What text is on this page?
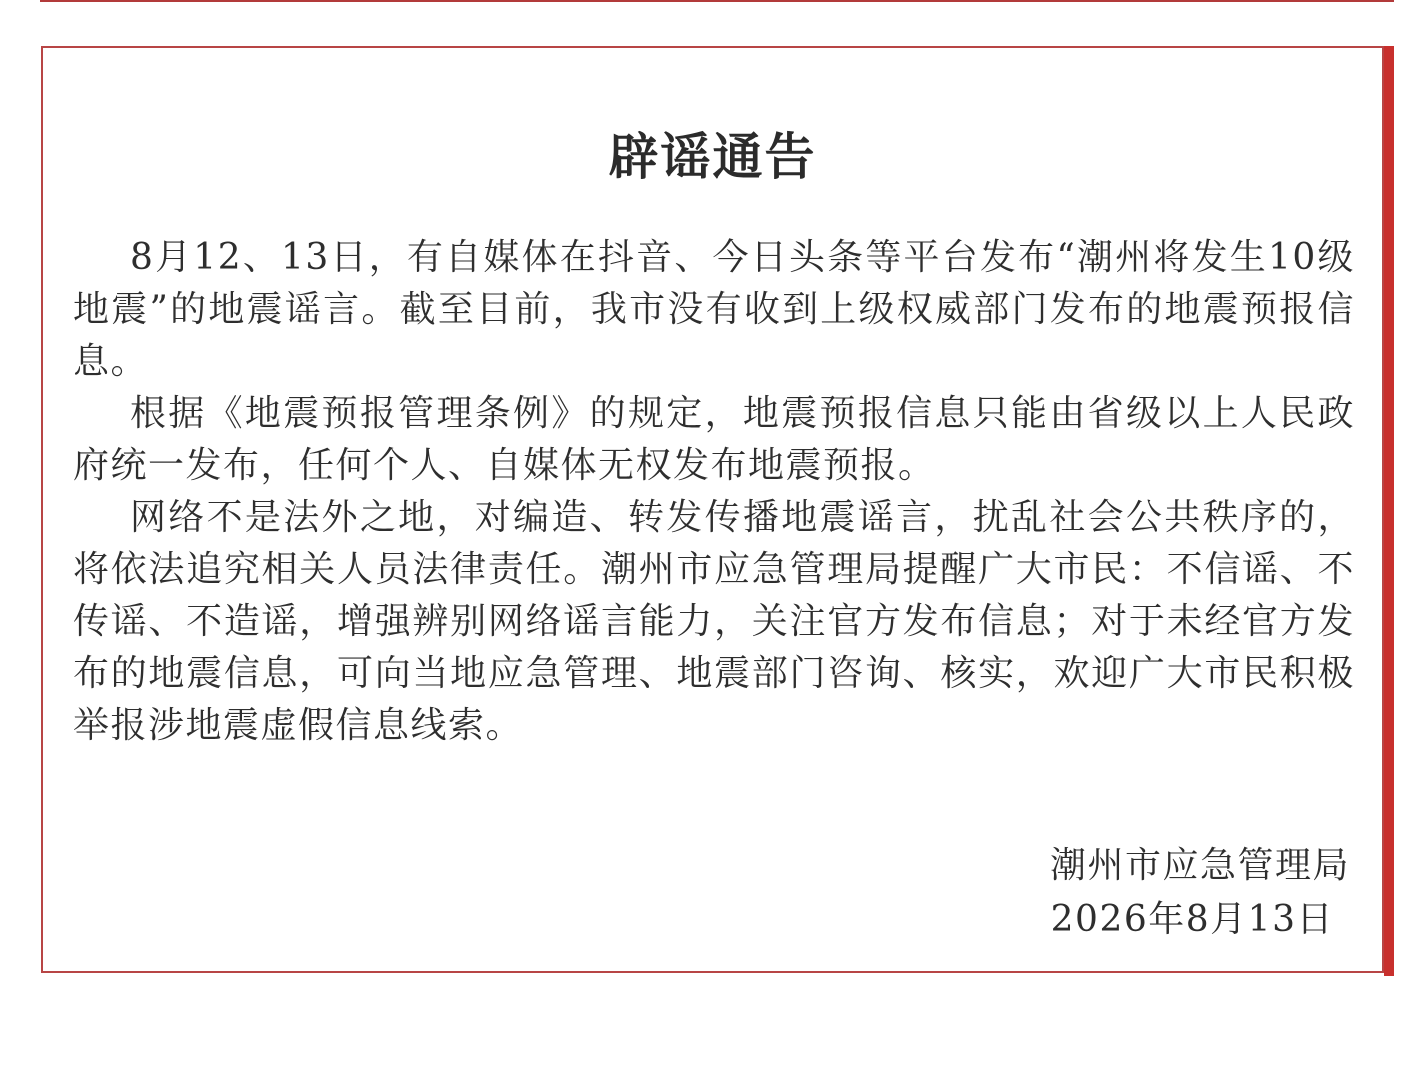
辟谣通告

8月12、13日，有自媒体在抖音、今日头条等平台发布“潮州将发生10级地震”的地震谣言。截至目前，我市没有收到上级权威部门发布的地震预报信息。

根据《地震预报管理条例》的规定，地震预报信息只能由省级以上人民政府统一发布，任何个人、自媒体无权发布地震预报。

网络不是法外之地，对编造、转发传播地震谣言，扰乱社会公共秩序的，将依法追究相关人员法律责任。潮州市应急管理局提醒广大市民：不信谣、不传谣、不造谣，增强辨别网络谣言能力，关注官方发布信息；对于未经官方发布的地震信息，可向当地应急管理、地震部门咨询、核实，欢迎广大市民积极举报涉地震虚假信息线索。

潮州市应急管理局
2026年8月13日
